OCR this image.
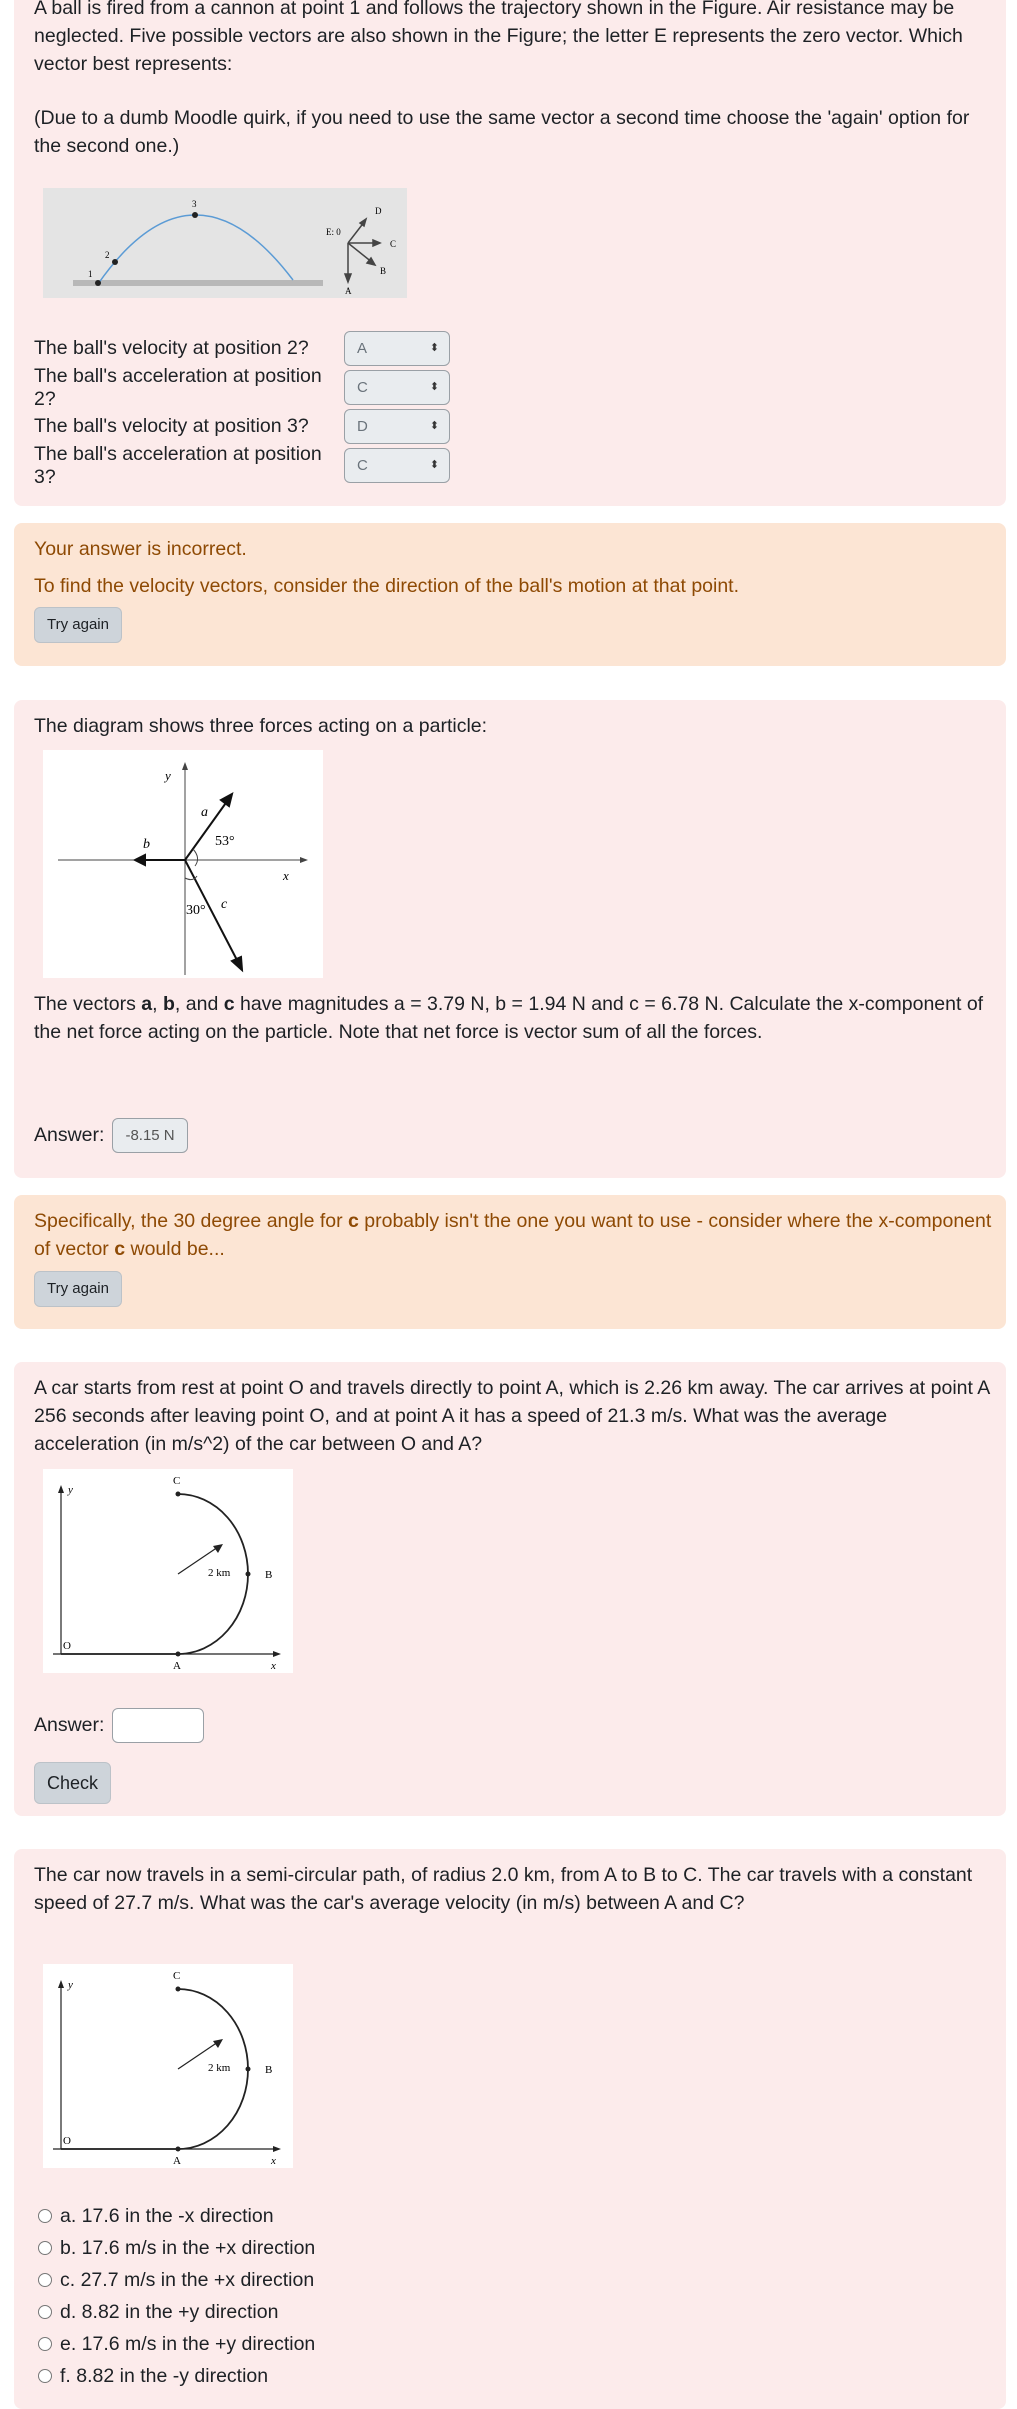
A ball is fired from a cannon at point 1 and follows the trajectory shown in the Figure. Air resistance may be neglected. Five possible vectors are also shown in the Figure; the letter E represents the zero vector. Which vector best represents:

(Due to a dumb Moodle quirk, if you need to use the same vector a second time choose the 'again' option for the second one.)

1
2
3
E: 0
D
C
B
A
The ball's velocity at position 2?	A	⬍
The ball's acceleration at position 2?	C	⬍
The ball's velocity at position 3?	D	⬍
The ball's acceleration at position 3?	C	⬍

Your answer is incorrect.

To find the velocity vectors, consider the direction of the ball's motion at that point.

Try again

The diagram shows three forces acting on a particle:

y
x
a
b
c
53°
30°

The vectors a, b, and c have magnitudes a = 3.79 N, b = 1.94 N and c = 6.78 N. Calculate the x-component of the net force acting on the particle. Note that net force is vector sum of all the forces.

Answer:	-8.15 N

Specifically, the 30 degree angle for c probably isn't the one you want to use - consider where the x-component of vector c would be...

Try again

A car starts from rest at point O and travels directly to point A, which is 2.26 km away. The car arrives at point A 256 seconds after leaving point O, and at point A it has a speed of 21.3 m/s. What was the average acceleration (in m/s^2) of the car between O and A?

y
x
O
A
B
C
2 km
Answer:
Check

The car now travels in a semi-circular path, of radius 2.0 km, from A to B to C. The car travels with a constant speed of 27.7 m/s. What was the car's average velocity (in m/s) between A and C?

y
x
O
A
B
C
2 km
a. 17.6 in the -x direction
b. 17.6 m/s in the +x direction
c. 27.7 m/s in the +x direction
d. 8.82 in the +y direction
e. 17.6 m/s in the +y direction
f. 8.82 in the -y direction
